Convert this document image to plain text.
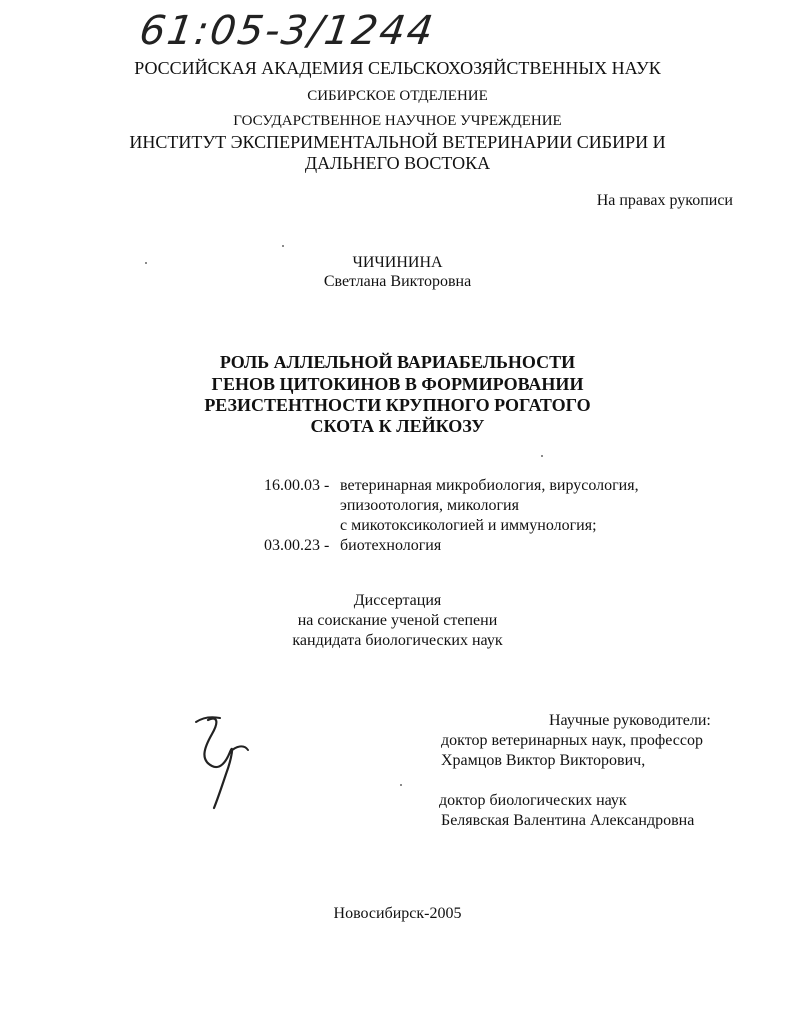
61:05-3/1244
РОССИЙСКАЯ АКАДЕМИЯ СЕЛЬСКОХОЗЯЙСТВЕННЫХ НАУК
СИБИРСКОЕ ОТДЕЛЕНИЕ
ГОСУДАРСТВЕННОЕ НАУЧНОЕ УЧРЕЖДЕНИЕ
ИНСТИТУТ ЭКСПЕРИМЕНТАЛЬНОЙ ВЕТЕРИНАРИИ СИБИРИ И
ДАЛЬНЕГО ВОСТОКА
На правах рукописи
ЧИЧИНИНА
Светлана Викторовна
РОЛЬ АЛЛЕЛЬНОЙ ВАРИАБЕЛЬНОСТИ
ГЕНОВ ЦИТОКИНОВ В ФОРМИРОВАНИИ
РЕЗИСТЕНТНОСТИ КРУПНОГО РОГАТОГО
СКОТА К ЛЕЙКОЗУ
16.00.03 - ветеринарная микробиология, вирусология,
эпизоотология, микология
с микотоксикологией и иммунология;
03.00.23 - биотехнология
Диссертация
на соискание ученой степени
кандидата биологических наук
Научные руководители:
доктор ветеринарных наук, профессор
Храмцов Виктор Викторович,
доктор биологических наук
Белявская Валентина Александровна
Новосибирск-2005
